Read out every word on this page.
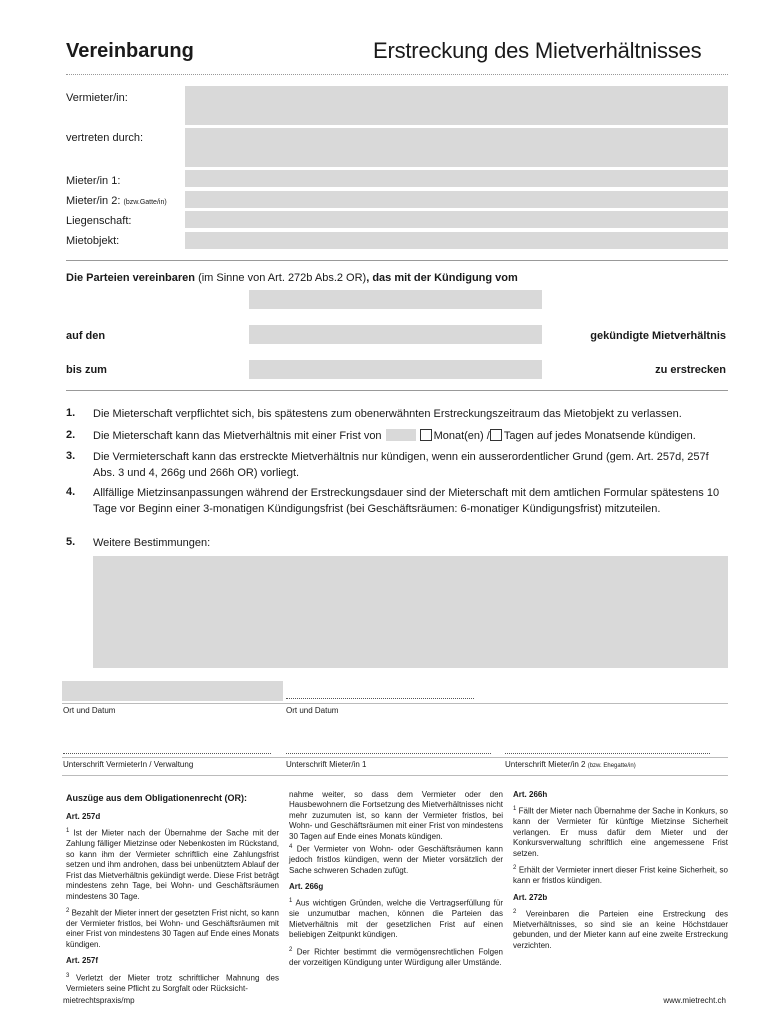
Vereinbarung	Erstreckung des Mietverhältnisses
Vermieter/in:
vertreten durch:
Mieter/in 1:
Mieter/in 2: (bzw.Gatte/in)
Liegenschaft:
Mietobjekt:
Die Parteien vereinbaren (im Sinne von Art. 272b Abs.2 OR), das mit der Kündigung vom
auf den	gekündigte Mietverhältnis
bis zum	zu erstrecken
1. Die Mieterschaft verpflichtet sich, bis spätestens zum obenerwähnten Erstreckungszeitraum das Mietobjekt zu verlassen.
2. Die Mieterschaft kann das Mietverhältnis mit einer Frist von	Monat(en) / Tagen auf jedes Monatsende kündigen.
3. Die Vermieterschaft kann das erstreckte Mietverhältnis nur kündigen, wenn ein ausserordentlicher Grund (gem. Art. 257d, 257f Abs. 3 und 4, 266g und 266h OR) vorliegt.
4. Allfällige Mietzinsanpassungen während der Erstreckungsdauer sind der Mieterschaft mit dem amtlichen Formular spätestens 10 Tage vor Beginn einer 3-monatigen Kündigungsfrist (bei Geschäftsräumen: 6-monatiger Kündigungsfrist) mitzuteilen.
5. Weitere Bestimmungen:
Ort und Datum	Ort und Datum
Unterschrift VermieterIn / Verwaltung	Unterschrift Mieter/in 1	Unterschrift Mieter/in 2 (bzw. Ehegatte/in)
Auszüge aus dem Obligationenrecht (OR):
Art. 257d

$^1$ Ist der Mieter nach der Übernahme der Sache mit der Zahlung fälliger Mietzinse oder Nebenkosten im Rückstand, so kann ihm der Vermieter schriftlich eine Zahlungsfrist setzen und ihm androhen, dass bei unbenütztem Ablauf der Frist das Mietverhältnis gekündigt werde. Diese Frist beträgt mindestens zehn Tage, bei Wohn- und Geschäftsräumen mindestens 30 Tage.

$^2$ Bezahlt der Mieter innert der gesetzten Frist nicht, so kann der Vermieter fristlos, bei Wohn- und Geschäftsräumen mit einer Frist von mindestens 30 Tagen auf Ende eines Monats kündigen.

Art. 257f

$^3$ Verletzt der Mieter trotz schriftlicher Mahnung des Vermieters seine Pflicht zu Sorgfalt oder Rücksicht-

nahme weiter, so dass dem Vermieter oder den Hausbewohnern die Fortsetzung des Mietverhältnisses nicht mehr zuzumuten ist, so kann der Vermieter fristlos, bei Wohn- und Geschäftsräumen mit einer Frist von mindestens 30 Tagen auf Ende eines Monats kündigen.

$^4$ Der Vermieter von Wohn- oder Geschäftsräumen kann jedoch fristlos kündigen, wenn der Mieter vorsätzlich der Sache schweren Schaden zufügt.

Art. 266g

$^1$ Aus wichtigen Gründen, welche die Vertragserfüllung für sie unzumutbar machen, können die Parteien das Mietverhältnis mit der gesetzlichen Frist auf einen beliebigen Zeitpunkt kündigen.

$^2$ Der Richter bestimmt die vermögensrechtlichen Folgen der vorzeitigen Kündigung unter Würdigung aller Umstände.

Art. 266h

$^1$ Fällt der Mieter nach Übernahme der Sache in Konkurs, so kann der Vermieter für künftige Mietzinse Sicherheit verlangen. Er muss dafür dem Mieter und der Konkursverwaltung schriftlich eine angemessene Frist setzen.

$^2$ Erhält der Vermieter innert dieser Frist keine Sicherheit, so kann er fristlos kündigen.

Art. 272b

$^2$ Vereinbaren die Parteien eine Erstreckung des Mietverhältnisses, so sind sie an keine Höchstdauer gebunden, und der Mieter kann auf eine zweite Erstreckung verzichten.

mietrechtspraxis/mp	www.mietrecht.ch
